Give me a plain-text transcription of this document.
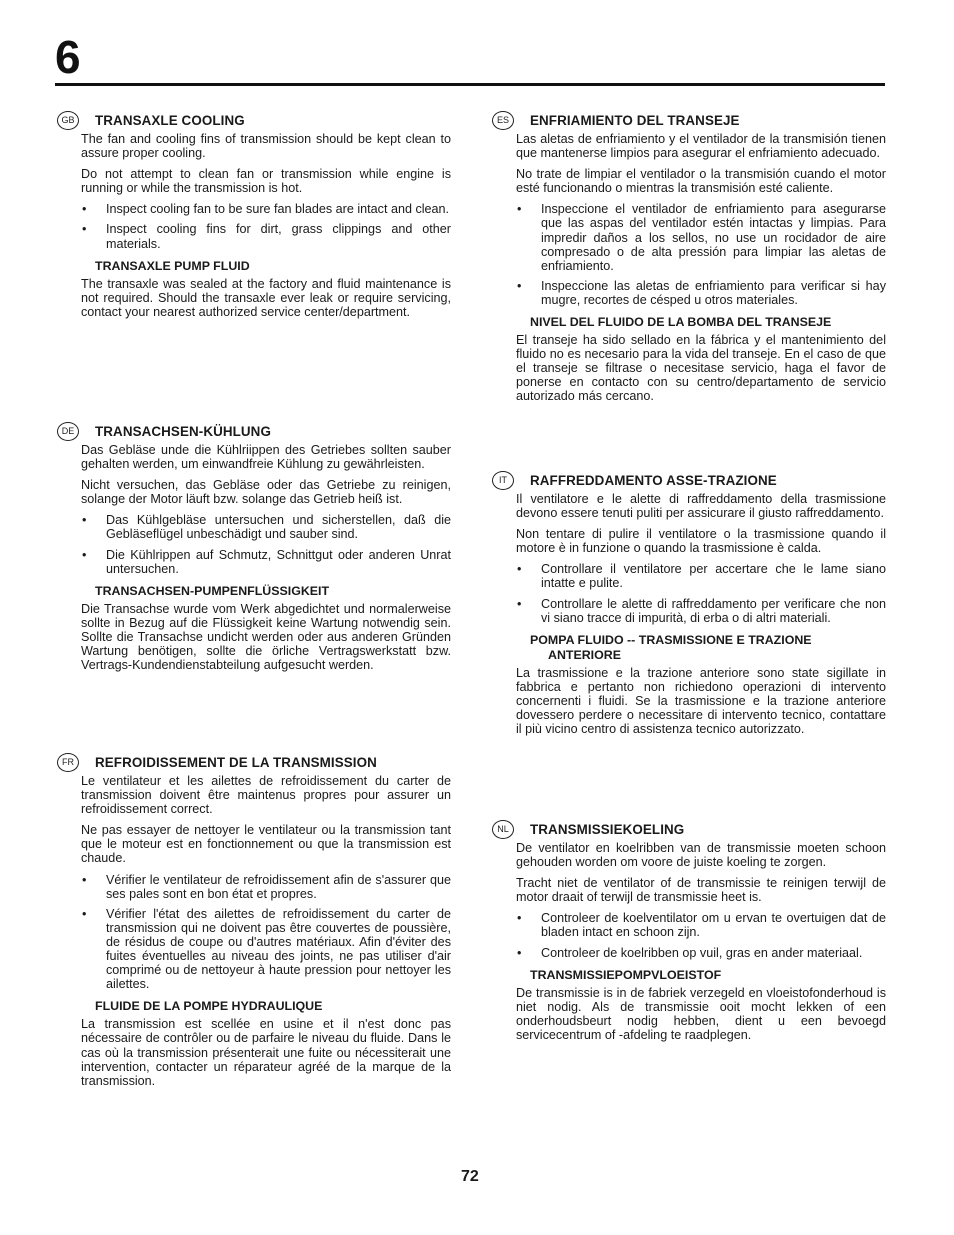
6
GB	TRANSAXLE COOLING

The fan and cooling fins of transmission should be kept clean to assure proper cooling.

Do not attempt to clean fan or transmission while engine is running or while the transmission is hot.

• Inspect cooling fan to be sure fan blades are intact and clean.
• Inspect cooling fins for dirt, grass clippings and other materials.
TRANSAXLE PUMP FLUID

The transaxle was sealed at the factory and fluid maintenance is not required. Should the transaxle ever leak or require servicing, contact your nearest authorized service center/department.

DE	TRANSACHSEN-KÜHLUNG

Das Gebläse unde die Kühlriippen des Getriebes sollten sauber gehalten werden, um einwandfreie Kühlung zu gewährleisten.

Nicht versuchen, das Gebläse oder das Getriebe zu reinigen, solange der Motor läuft bzw. solange das Getrieb heiß ist.

• Das Kühlgebläse untersuchen und sicherstellen, daß die Gebläseflügel unbeschädigt und sauber sind.
• Die Kühlrippen auf Schmutz, Schnittgut oder anderen Unrat untersuchen.
TRANSACHSEN-PUMPENFLÜSSIGKEIT

Die Transachse wurde vom Werk abgedichtet und normalerweise sollte in Bezug auf die Flüssigkeit keine Wartung notwendig sein. Sollte die Transachse undicht werden oder aus anderen Gründen Wartung benötigen, sollte die örliche Vertragswerkstatt bzw. Vertrags-Kundendienstabteilung aufgesucht werden.

FR	REFROIDISSEMENT DE LA TRANSMISSION

Le ventilateur et les ailettes de refroidissement du carter de transmission doivent être maintenus propres pour assurer un refroidissement correct.

Ne pas essayer de nettoyer le ventilateur ou la transmission tant que le moteur est en fonctionnement ou que la transmission est chaude.

• Vérifier le ventilateur de refroidissement afin de s'assurer que ses pales sont en bon état et propres.
• Vérifier l'état des ailettes de refroidissement du carter de transmission qui ne doivent pas être couvertes de poussière, de résidus de coupe ou d'autres matériaux. Afin d'éviter des fuites éventuelles au niveau des joints, ne pas utiliser d'air comprimé ou de nettoyeur à haute pression pour nettoyer les ailettes.
FLUIDE DE LA POMPE HYDRAULIQUE

La transmission est scellée en usine et il n'est donc pas nécessaire de contrôler ou de parfaire le niveau du fluide. Dans le cas où la transmission présenterait une fuite ou nécessiterait une intervention, contacter un réparateur agréé de la marque de la transmission.

ES	ENFRIAMIENTO DEL TRANSEJE

Las aletas de enfriamiento y el ventilador de la transmisión tienen que mantenerse limpios para asegurar el enfriamiento adecuado.

No trate de limpiar el ventilador o la transmisión cuando el motor esté funcionando o mientras la transmisión esté caliente.

• Inspeccione el ventilador de enfriamiento para asegurarse que las aspas del ventilador estén intactas y limpias. Para impredir daños a los sellos, no use un rocidador de aire compresado o de alta pressión para limpiar las aletas de enfriamiento.
• Inspeccione las aletas de enfriamiento para verificar si hay mugre, recortes de césped u otros materiales.
NIVEL DEL FLUIDO DE LA BOMBA DEL TRANSEJE

El transeje ha sido sellado en la fábrica y el mantenimiento del fluido no es necesario para la vida del transeje. En el caso de que el transeje se filtrase o necesitase servicio, haga el favor de ponerse en contacto con su centro/departamento de servicio autorizado más cercano.

IT	RAFFREDDAMENTO ASSE-TRAZIONE

Il ventilatore e le alette di raffreddamento della trasmissione devono essere tenuti puliti per assicurare il giusto raffreddamento.

Non tentare di pulire il ventilatore o la trasmissione quando il motore è in funzione o quando la trasmissione è calda.

• Controllare il ventilatore per accertare che le lame siano intatte e pulite.
• Controllare le alette di raffreddamento per verificare che non vi siano tracce di impurità, di erba o di altri materiali.
POMPA FLUIDO -- TRASMISSIONE E TRAZIONE
ANTERIORE

La trasmissione e la trazione anteriore sono state sigillate in fabbrica e pertanto non richiedono operazioni di intervento concernenti i fluidi. Se la trasmissione e la trazione anteriore dovessero perdere o necessitare di intervento tecnico, contattare il più vicino centro di assistenza tecnico autorizzato.

NL	TRANSMISSIEKOELING

De ventilator en koelribben van de transmissie moeten schoon gehouden worden om voore de juiste koeling te zorgen.

Tracht niet de ventilator of de transmissie te reinigen terwijl de motor draait of terwijl de transmissie heet is.

• Controleer de koelventilator om u ervan te overtuigen dat de bladen intact en schoon zijn.
• Controleer de koelribben op vuil, gras en ander materiaal.
TRANSMISSIEPOMPVLOEISTOF

De transmissie is in de fabriek verzegeld en vloeistofonderhoud is niet nodig. Als de transmissie ooit mocht lekken of een onderhoudsbeurt nodig hebben, dient u een bevoegd servicecentrum of -afdeling te raadplegen.

72
